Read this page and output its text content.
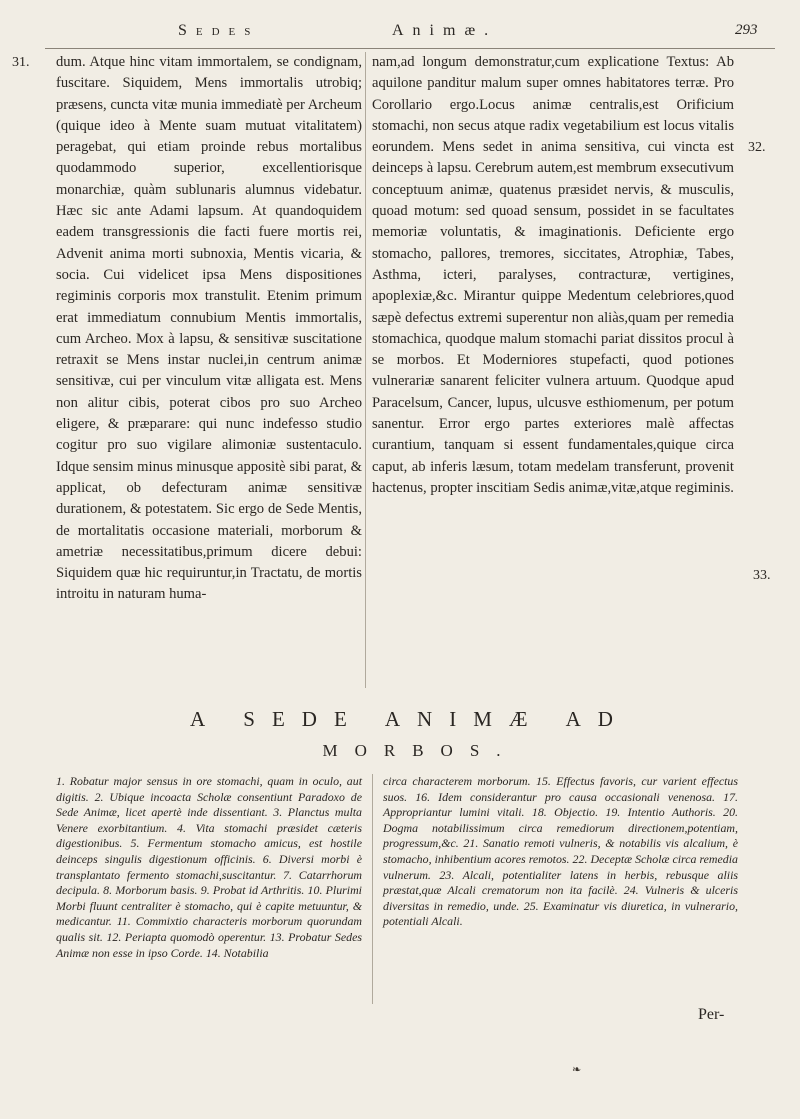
Sedes	Animæ.	293
31.
32.
33.
dum. Atque hinc vitam immortalem, se condignam, fuscitare. Siquidem, Mens immortalis utrobiq; præsens, cuncta vitæ munia immediatè per Archeum (quique ideo à Mente suam mutuat vitalitatem) peragebat, qui etiam proinde rebus mortalibus quodammodo superior, excellentiorisque monarchiæ, quàm sublunaris alumnus videbatur. Hæc sic ante Adami lapsum. At quandoquidem eadem transgressionis die facti fuere mortis rei, Advenit anima morti subnoxia, Mentis vicaria, & socia. Cui videlicet ipsa Mens dispositiones regiminis corporis mox transtulit. Etenim primum erat immediatum connubium Mentis immortalis, cum Archeo. Mox à lapsu, & sensitivæ suscitatione retraxit se Mens instar nuclei,in centrum animæ sensitivæ, cui per vinculum vitæ alligata est. Mens non alitur cibis, poterat cibos pro suo Archeo eligere, & præparare: qui nunc indefesso studio cogitur pro suo vigilare alimoniæ sustentaculo. Idque sensim minus minusque appositè sibi parat, & applicat, ob defecturam animæ sensitivæ durationem, & potestatem. Sic ergo de Sede Mentis, de mortalitatis occasione materiali, morborum & ametriæ necessitatibus,primum dicere debui: Siquidem quæ hic requiruntur,in Tractatu, de mortis introitu in naturam huma-
nam,ad longum demonstratur,cum explicatione Textus: Ab aquilone panditur malum super omnes habitatores terræ. Pro Corollario ergo.Locus animæ centralis,est Orificium stomachi, non secus atque radix vegetabilium est locus vitalis eorundem. Mens sedet in anima sensitiva, cui vincta est deinceps à lapsu. Cerebrum autem,est membrum exsecutivum conceptuum animæ, quatenus præsidet nervis, & musculis, quoad motum: sed quoad sensum, possidet in se facultates memoriæ voluntatis, & imaginationis. Deficiente ergo stomacho, pallores, tremores, siccitates, Atrophiæ, Tabes, Asthma, icteri, paralyses, contracturæ, vertigines, apoplexiæ,&c. Mirantur quippe Medentum celebriores,quod sæpè defectus extremi superentur non aliàs,quam per remedia stomachica, quodque malum stomachi pariat dissitos procul à se morbos. Et Moderniores stupefacti, quod potiones vulnerariæ sanarent feliciter vulnera artuum. Quodque apud Paracelsum, Cancer, lupus, ulcusve esthiomenum, per potum sanentur. Error ergo partes exteriores malè affectas curantium, tanquam si essent fundamentales,quique circa caput, ab inferis læsum, totam medelam transferunt, provenit hactenus, propter inscitiam Sedis animæ,vitæ,atque regiminis.
A SEDE ANIMÆ AD
MORBOS.
1. Robatur major sensus in ore stomachi, quam in oculo, aut digitis. 2. Ubique incoacta Scholæ consentiunt Paradoxo de Sede Animæ, licet apertè inde dissentiant. 3. Planctus multa Venere exorbitantium. 4. Vita stomachi præsidet cæteris digestionibus. 5. Fermentum stomacho amicus, est hostile deinceps singulis digestionum officinis. 6. Diversi morbi è transplantato fermento stomachi,suscitantur. 7. Catarrhorum decipula. 8. Morborum basis. 9. Probat id Arthritis. 10. Plurimi Morbi fluunt centraliter è stomacho, qui è capite metuuntur, & medicantur. 11. Commixtio characteris morborum quorundam qualis sit. 12. Periapta quomodò operentur. 13. Probatur Sedes Animæ non esse in ipso Corde. 14. Notabilia
circa characterem morborum. 15. Effectus favoris, cur varient effectus suos. 16. Idem considerantur pro causa occasionali venenosa. 17. Appropriantur lumini vitali. 18. Objectio. 19. Intentio Authoris. 20. Dogma notabilissimum circa remediorum directionem,potentiam, progressum,&c. 21. Sanatio remoti vulneris, & notabilis vis alcalium, è stomacho, inhibentium acores remotos. 22. Deceptæ Scholæ circa remedia vulnerum. 23. Alcali, potentialiter latens in herbis, rebusque aliis præstat,quæ Alcali crematorum non ita facilè. 24. Vulneris & ulceris diversitas in remedio, unde. 25. Examinatur vis diuretica, in vulnerario, potentiali Alcali.
Per-
❧
